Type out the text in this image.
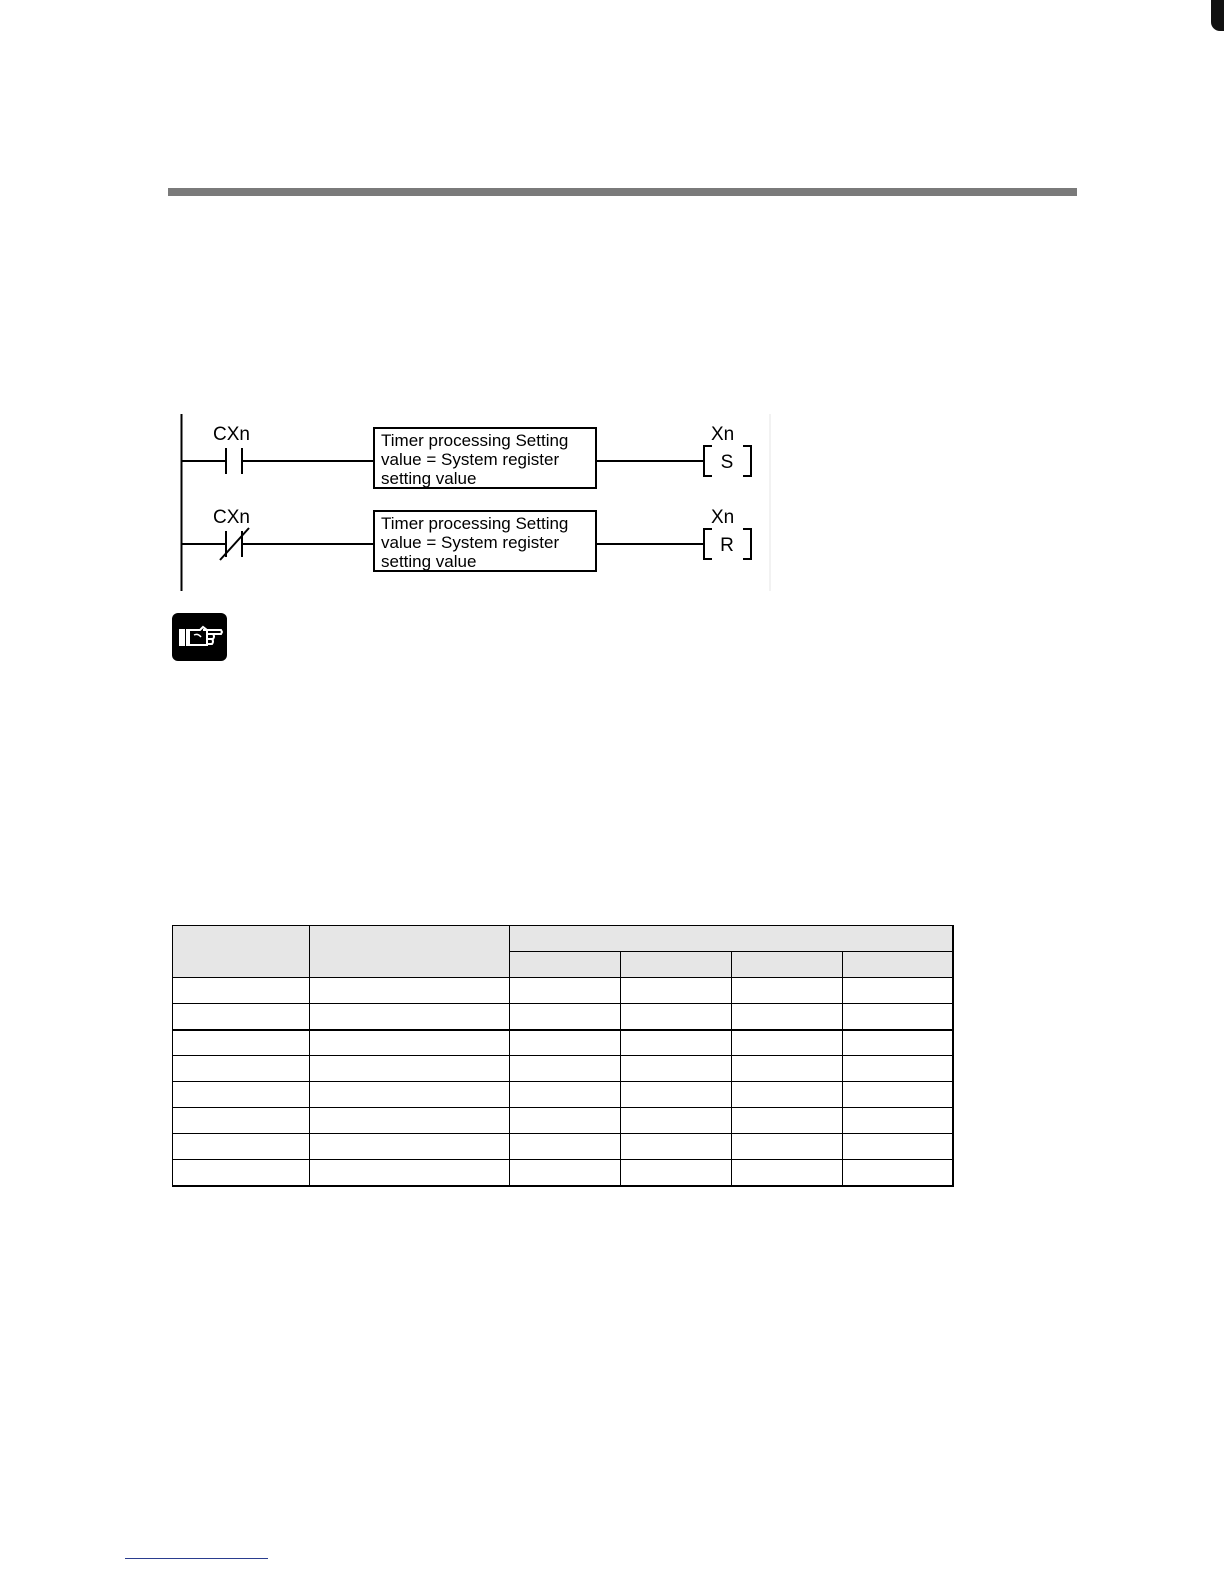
CXn	Timer processing Setting
value = System register
setting value
Xn
S
CXn	Timer processing Setting
value = System register
setting value
Xn
R
